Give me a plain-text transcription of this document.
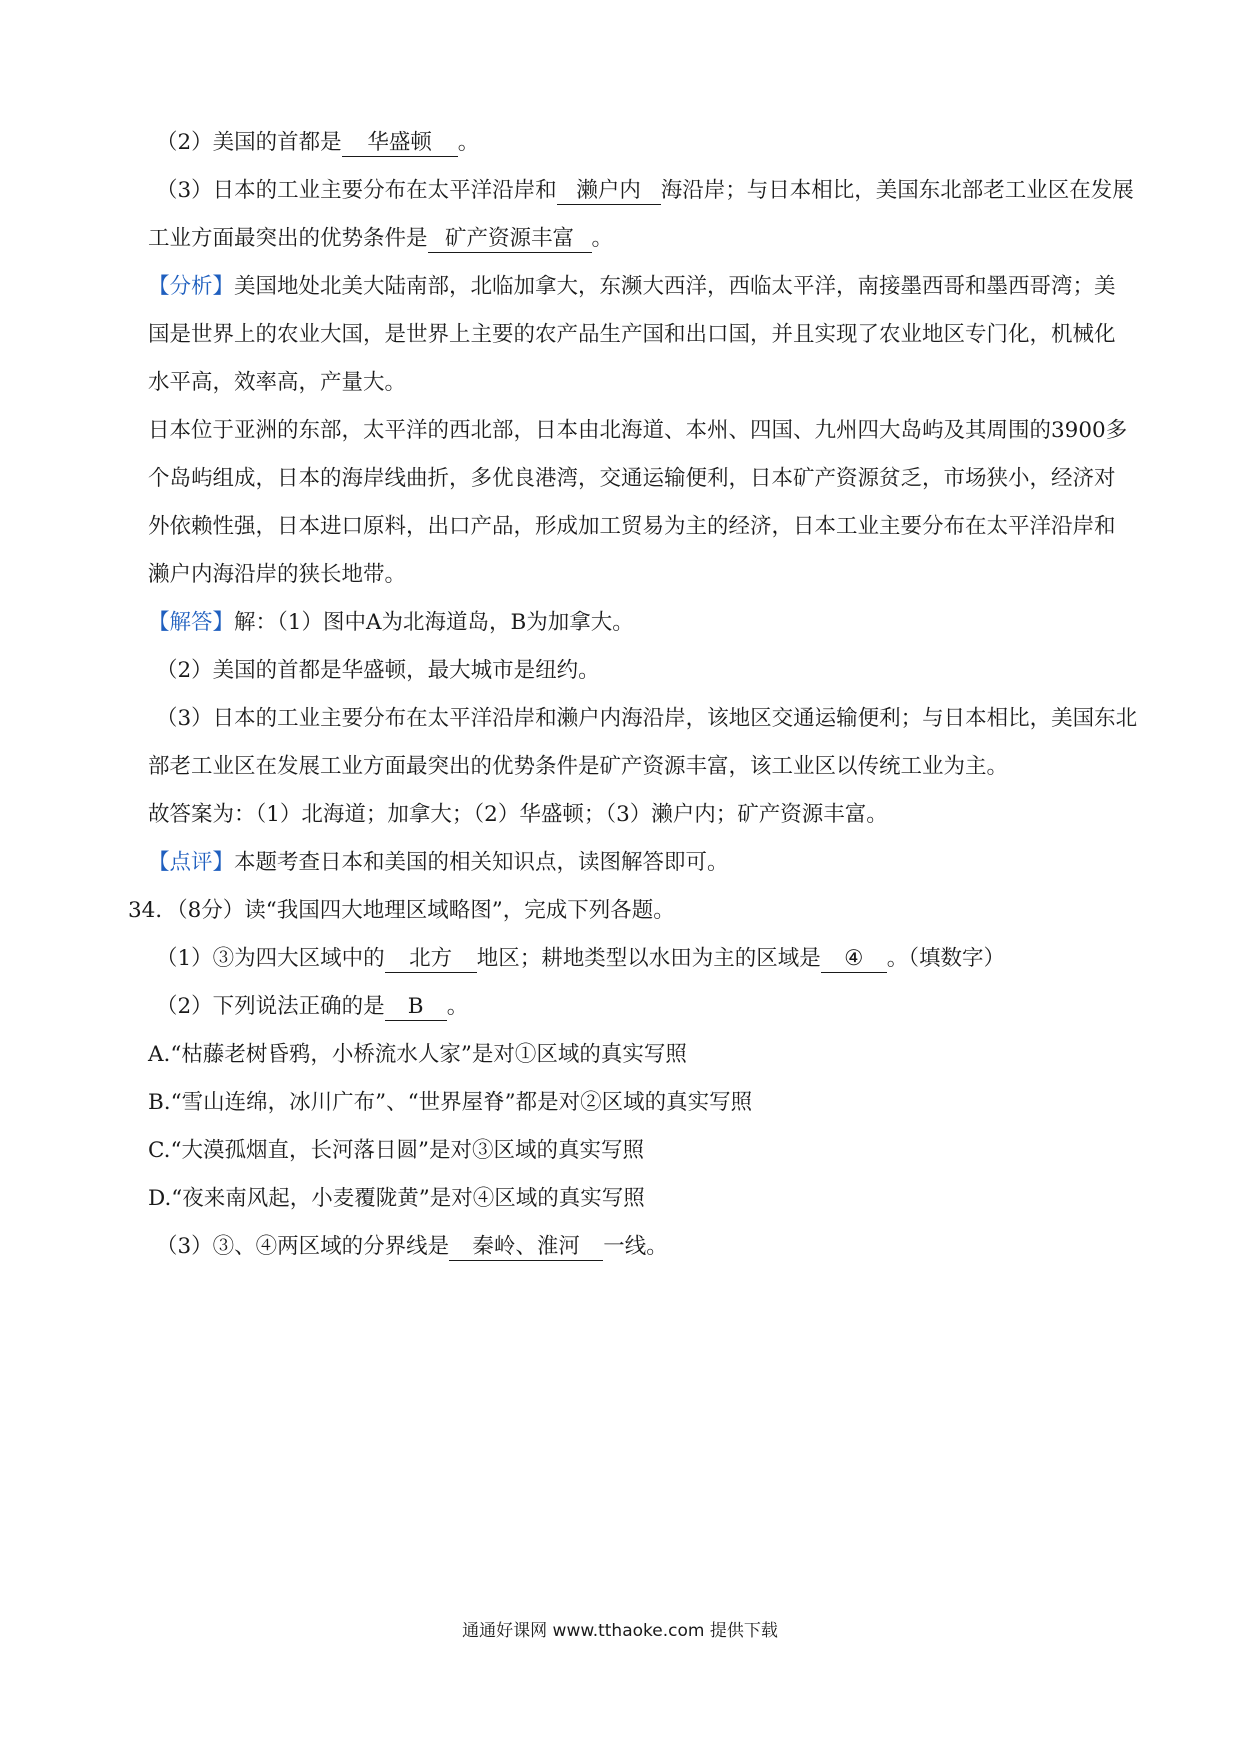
（2）美国的首都是 华盛顿 。
（3）日本的工业主要分布在太平洋沿岸和 濑户内 海沿岸；与日本相比，美国东北部老工业区在发展
工业方面最突出的优势条件是 矿产资源丰富 。
【分析】美国地处北美大陆南部，北临加拿大，东濒大西洋，西临太平洋，南接墨西哥和墨西哥湾；美
国是世界上的农业大国，是世界上主要的农产品生产国和出口国，并且实现了农业地区专门化，机械化
水平高，效率高，产量大。
日本位于亚洲的东部，太平洋的西北部，日本由北海道、本州、四国、九州四大岛屿及其周围的3900多
个岛屿组成，日本的海岸线曲折，多优良港湾，交通运输便利，日本矿产资源贫乏，市场狭小，经济对
外依赖性强，日本进口原料，出口产品，形成加工贸易为主的经济，日本工业主要分布在太平洋沿岸和
濑户内海沿岸的狭长地带。
【解答】解：（1）图中A为北海道岛，B为加拿大。
（2）美国的首都是华盛顿，最大城市是纽约。
（3）日本的工业主要分布在太平洋沿岸和濑户内海沿岸，该地区交通运输便利；与日本相比，美国东北
部老工业区在发展工业方面最突出的优势条件是矿产资源丰富，该工业区以传统工业为主。
故答案为：（1）北海道；加拿大；（2）华盛顿；（3）濑户内；矿产资源丰富。
【点评】本题考查日本和美国的相关知识点，读图解答即可。
34．（8分）读“我国四大地理区域略图”，完成下列各题。
（1）③为四大区域中的 北方 地区；耕地类型以水田为主的区域是 ④ 。（填数字）
（2）下列说法正确的是 B 。
A.“枯藤老树昏鸦，小桥流水人家”是对①区域的真实写照
B.“雪山连绵，冰川广布”、“世界屋脊”都是对②区域的真实写照
C.“大漠孤烟直，长河落日圆”是对③区域的真实写照
D.“夜来南风起，小麦覆陇黄”是对④区域的真实写照
（3）③、④两区域的分界线是 秦岭、淮河 一线。
通通好课网 www.tthaoke.com 提供下载
